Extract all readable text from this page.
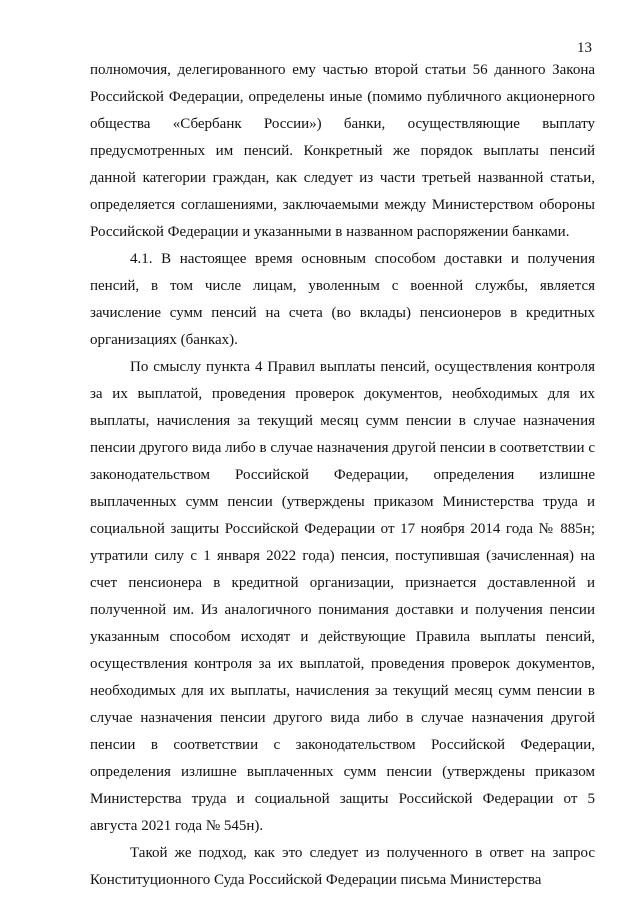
13

полномочия, делегированного ему частью второй статьи 56 данного Закона Российской Федерации, определены иные (помимо публичного акционерного общества «Сбербанк России») банки, осуществляющие выплату предусмотренных им пенсий. Конкретный же порядок выплаты пенсий данной категории граждан, как следует из части третьей названной статьи, определяется соглашениями, заключаемыми между Министерством обороны Российской Федерации и указанными в названном распоряжении банками.

4.1. В настоящее время основным способом доставки и получения пенсий, в том числе лицам, уволенным с военной службы, является зачисление сумм пенсий на счета (во вклады) пенсионеров в кредитных организациях (банках).

По смыслу пункта 4 Правил выплаты пенсий, осуществления контроля за их выплатой, проведения проверок документов, необходимых для их выплаты, начисления за текущий месяц сумм пенсии в случае назначения пенсии другого вида либо в случае назначения другой пенсии в соответствии с законодательством Российской Федерации, определения излишне выплаченных сумм пенсии (утверждены приказом Министерства труда и социальной защиты Российской Федерации от 17 ноября 2014 года № 885н; утратили силу с 1 января 2022 года) пенсия, поступившая (зачисленная) на счет пенсионера в кредитной организации, признается доставленной и полученной им. Из аналогичного понимания доставки и получения пенсии указанным способом исходят и действующие Правила выплаты пенсий, осуществления контроля за их выплатой, проведения проверок документов, необходимых для их выплаты, начисления за текущий месяц сумм пенсии в случае назначения пенсии другого вида либо в случае назначения другой пенсии в соответствии с законодательством Российской Федерации, определения излишне выплаченных сумм пенсии (утверждены приказом Министерства труда и социальной защиты Российской Федерации от 5 августа 2021 года № 545н).

Такой же подход, как это следует из полученного в ответ на запрос Конституционного Суда Российской Федерации письма Министерства
